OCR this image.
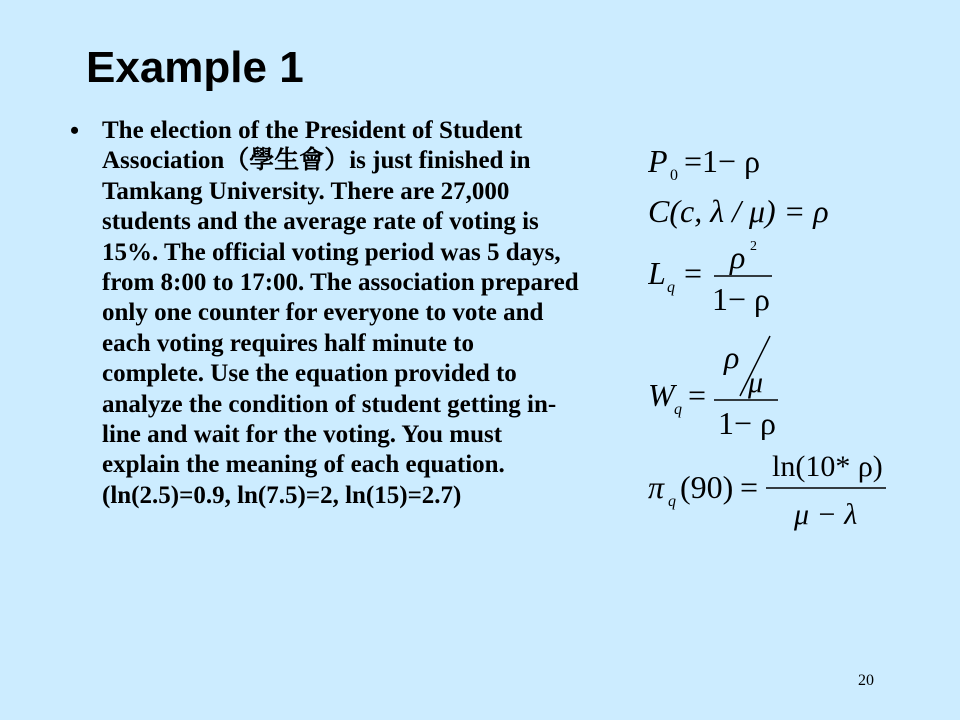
Example 1
• The election of the President of Student Association（學生會）is just finished in Tamkang University. There are 27,000 students and the average rate of voting is 15%. The official voting period was 5 days, from 8:00 to 17:00. The association prepared only one counter for everyone to vote and each voting requires half minute to complete. Use the equation provided to analyze the condition of student getting in-line and wait for the voting. You must explain the meaning of each equation. (ln(2.5)=0.9, ln(7.5)=2, ln(15)=2.7)

P 0 =1− ρ
C(c, λ / μ) = ρ
L q = ρ 2
1− ρ
W q =
ρ
μ
1− ρ
π q (90) =
ln(10* ρ)
μ − λ
20
